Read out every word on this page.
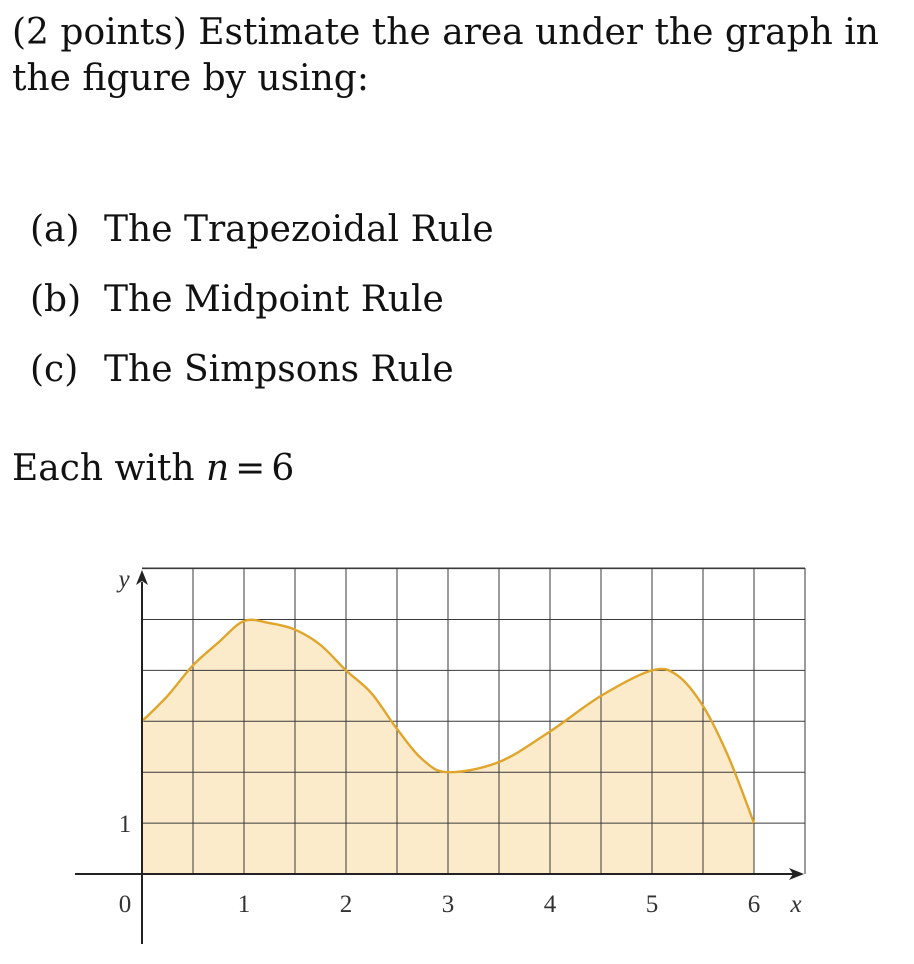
(2 points) Estimate the area under the graph in the figure by using:
(a) The Trapezoidal Rule
(b) The Midpoint Rule
(c) The Simpsons Rule
Each with n = 6
0	1	2	3	4	5	6
1
x
y
